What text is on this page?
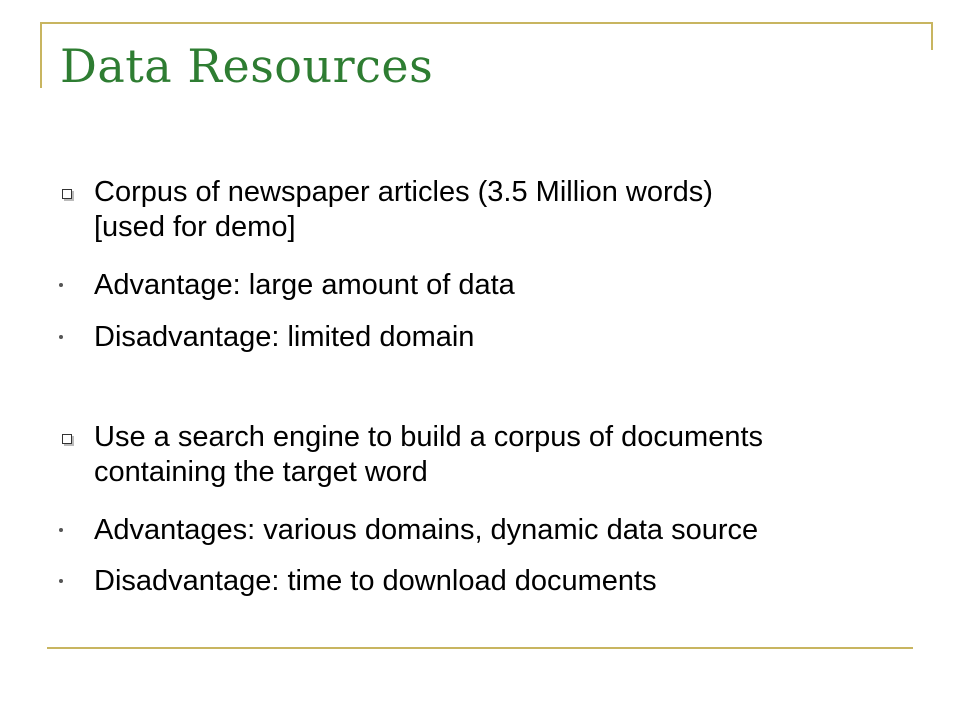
Data Resources
Corpus of newspaper articles (3.5 Million words)
[used for demo]
Advantage: large amount of data
Disadvantage: limited domain
Use a search engine to build a corpus of documents
containing the target word
Advantages: various domains, dynamic data source
Disadvantage: time to download documents
